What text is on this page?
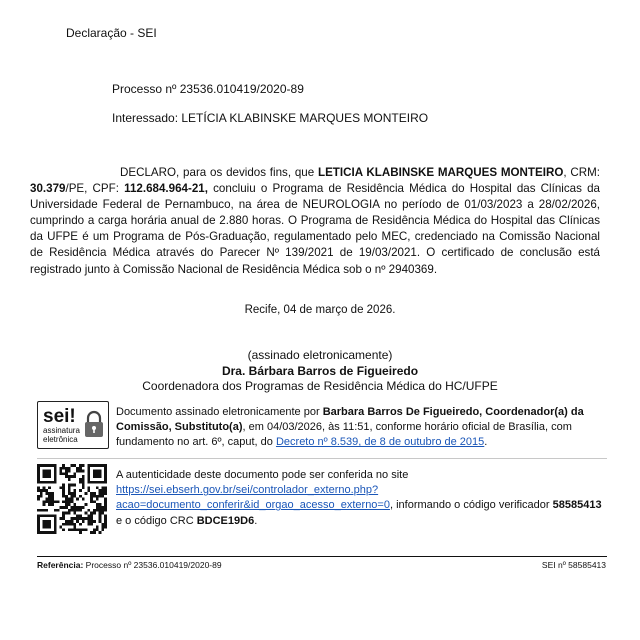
Declaração - SEI
Processo nº 23536.010419/2020-89
Interessado: LETÍCIA KLABINSKE MARQUES MONTEIRO
DECLARO, para os devidos fins, que LETICIA KLABINSKE MARQUES MONTEIRO, CRM: 30.379/PE, CPF: 112.684.964-21, concluiu o Programa de Residência Médica do Hospital das Clínicas da Universidade Federal de Pernambuco, na área de NEUROLOGIA no período de 01/03/2023 a 28/02/2026, cumprindo a carga horária anual de 2.880 horas. O Programa de Residência Médica do Hospital das Clínicas da UFPE é um Programa de Pós-Graduação, regulamentado pelo MEC, credenciado na Comissão Nacional de Residência Médica através do Parecer Nº 139/2021 de 19/03/2021. O certificado de conclusão está registrado junto à Comissão Nacional de Residência Médica sob o nº 2940369.
Recife, 04 de março de 2026.
(assinado eletronicamente)
Dra. Bárbara Barros de Figueiredo
Coordenadora dos Programas de Residência Médica do HC/UFPE
sei!
assinatura
eletrônica
Documento assinado eletronicamente por Barbara Barros De Figueiredo, Coordenador(a) da Comissão, Substituto(a), em 04/03/2026, às 11:51, conforme horário oficial de Brasília, com fundamento no art. 6º, caput, do Decreto nº 8.539, de 8 de outubro de 2015.
A autenticidade deste documento pode ser conferida no site
https://sei.ebserh.gov.br/sei/controlador_externo.php?
acao=documento_conferir&id_orgao_acesso_externo=0, informando o código verificador 58585413 e o código CRC BDCE19D6.
Referência: Processo nº 23536.010419/2020-89	SEI nº 58585413
